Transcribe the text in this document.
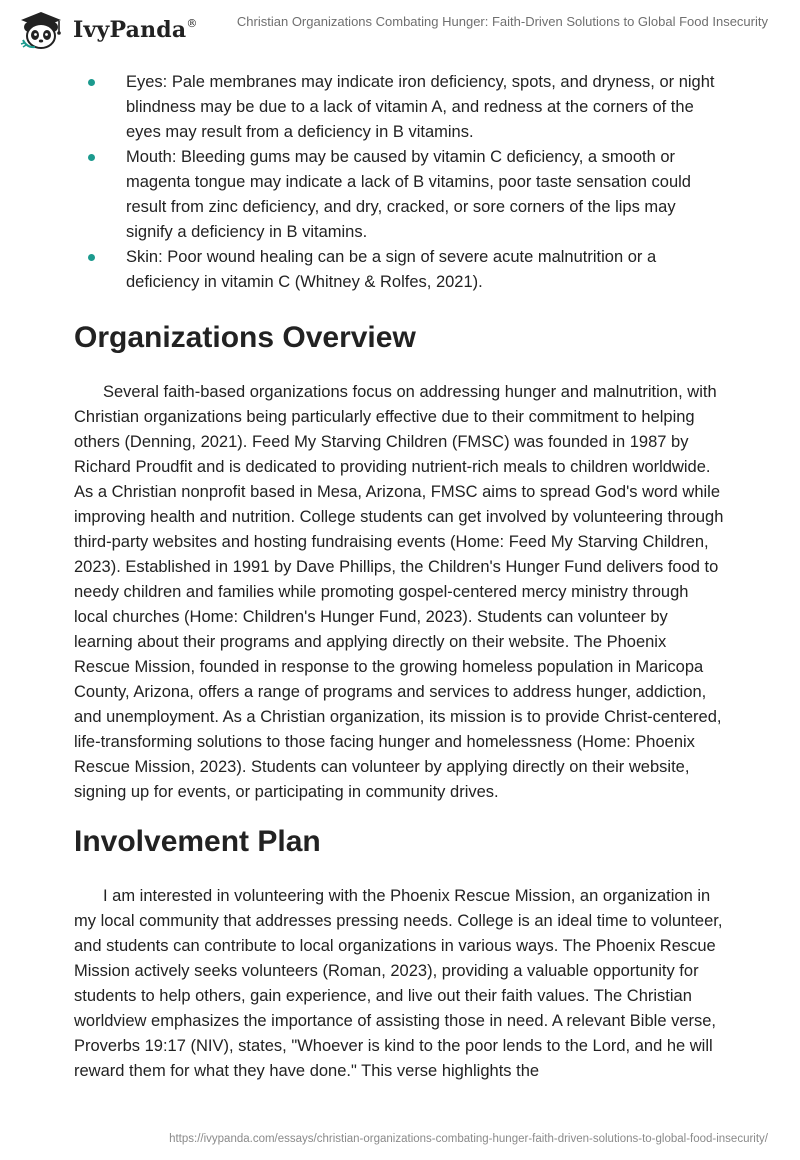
IvyPanda®	Christian Organizations Combating Hunger: Faith-Driven Solutions to Global Food Insecurity
Eyes: Pale membranes may indicate iron deficiency, spots, and dryness, or night blindness may be due to a lack of vitamin A, and redness at the corners of the eyes may result from a deficiency in B vitamins.
Mouth: Bleeding gums may be caused by vitamin C deficiency, a smooth or magenta tongue may indicate a lack of B vitamins, poor taste sensation could result from zinc deficiency, and dry, cracked, or sore corners of the lips may signify a deficiency in B vitamins.
Skin: Poor wound healing can be a sign of severe acute malnutrition or a deficiency in vitamin C (Whitney & Rolfes, 2021).
Organizations Overview

Several faith-based organizations focus on addressing hunger and malnutrition, with Christian organizations being particularly effective due to their commitment to helping others (Denning, 2021). Feed My Starving Children (FMSC) was founded in 1987 by Richard Proudfit and is dedicated to providing nutrient-rich meals to children worldwide. As a Christian nonprofit based in Mesa, Arizona, FMSC aims to spread God's word while improving health and nutrition. College students can get involved by volunteering through third-party websites and hosting fundraising events (Home: Feed My Starving Children, 2023). Established in 1991 by Dave Phillips, the Children's Hunger Fund delivers food to needy children and families while promoting gospel-centered mercy ministry through local churches (Home: Children's Hunger Fund, 2023). Students can volunteer by learning about their programs and applying directly on their website. The Phoenix Rescue Mission, founded in response to the growing homeless population in Maricopa County, Arizona, offers a range of programs and services to address hunger, addiction, and unemployment. As a Christian organization, its mission is to provide Christ-centered, life-transforming solutions to those facing hunger and homelessness (Home: Phoenix Rescue Mission, 2023). Students can volunteer by applying directly on their website, signing up for events, or participating in community drives.

Involvement Plan

I am interested in volunteering with the Phoenix Rescue Mission, an organization in my local community that addresses pressing needs. College is an ideal time to volunteer, and students can contribute to local organizations in various ways. The Phoenix Rescue Mission actively seeks volunteers (Roman, 2023), providing a valuable opportunity for students to help others, gain experience, and live out their faith values. The Christian worldview emphasizes the importance of assisting those in need. A relevant Bible verse, Proverbs 19:17 (NIV), states, "Whoever is kind to the poor lends to the Lord, and he will reward them for what they have done." This verse highlights the

https://ivypanda.com/essays/christian-organizations-combating-hunger-faith-driven-solutions-to-global-food-insecurity/
